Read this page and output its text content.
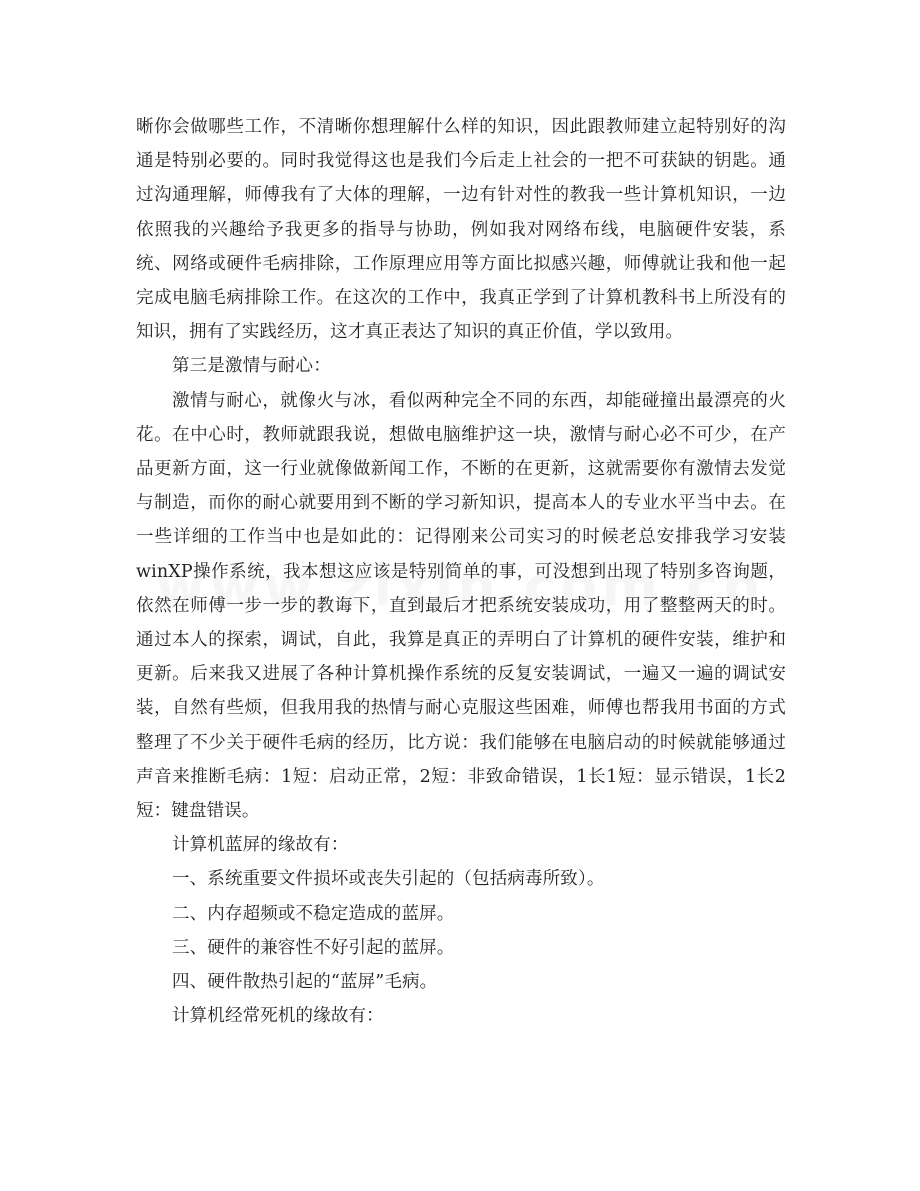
晰你会做哪些工作，不清晰你想理解什么样的知识，因此跟教师建立起特别好的沟通是特别必要的。同时我觉得这也是我们今后走上社会的一把不可获缺的钥匙。通过沟通理解，师傅我有了大体的理解，一边有针对性的教我一些计算机知识，一边依照我的兴趣给予我更多的指导与协助，例如我对网络布线，电脑硬件安装，系统、网络或硬件毛病排除，工作原理应用等方面比拟感兴趣，师傅就让我和他一起完成电脑毛病排除工作。在这次的工作中，我真正学到了计算机教科书上所没有的知识，拥有了实践经历，这才真正表达了知识的真正价值，学以致用。

第三是激情与耐心：

激情与耐心，就像火与冰，看似两种完全不同的东西，却能碰撞出最漂亮的火花。在中心时，教师就跟我说，想做电脑维护这一块，激情与耐心必不可少，在产品更新方面，这一行业就像做新闻工作，不断的在更新，这就需要你有激情去发觉与制造，而你的耐心就要用到不断的学习新知识，提高本人的专业水平当中去。在一些详细的工作当中也是如此的：记得刚来公司实习的时候老总安排我学习安装winXP操作系统，我本想这应该是特别简单的事，可没想到出现了特别多咨询题，依然在师傅一步一步的教诲下，直到最后才把系统安装成功，用了整整两天的时。通过本人的探索，调试，自此，我算是真正的弄明白了计算机的硬件安装，维护和更新。后来我又进展了各种计算机操作系统的反复安装调试，一遍又一遍的调试安装，自然有些烦，但我用我的热情与耐心克服这些困难，师傅也帮我用书面的方式整理了不少关于硬件毛病的经历，比方说：我们能够在电脑启动的时候就能够通过声音来推断毛病：1短：启动正常，2短：非致命错误，1长1短：显示错误，1长2短：键盘错误。

计算机蓝屏的缘故有：

一、系统重要文件损坏或丧失引起的（包括病毒所致）。

二、内存超频或不稳定造成的蓝屏。

三、硬件的兼容性不好引起的蓝屏。

四、硬件散热引起的“蓝屏”毛病。

计算机经常死机的缘故有：
